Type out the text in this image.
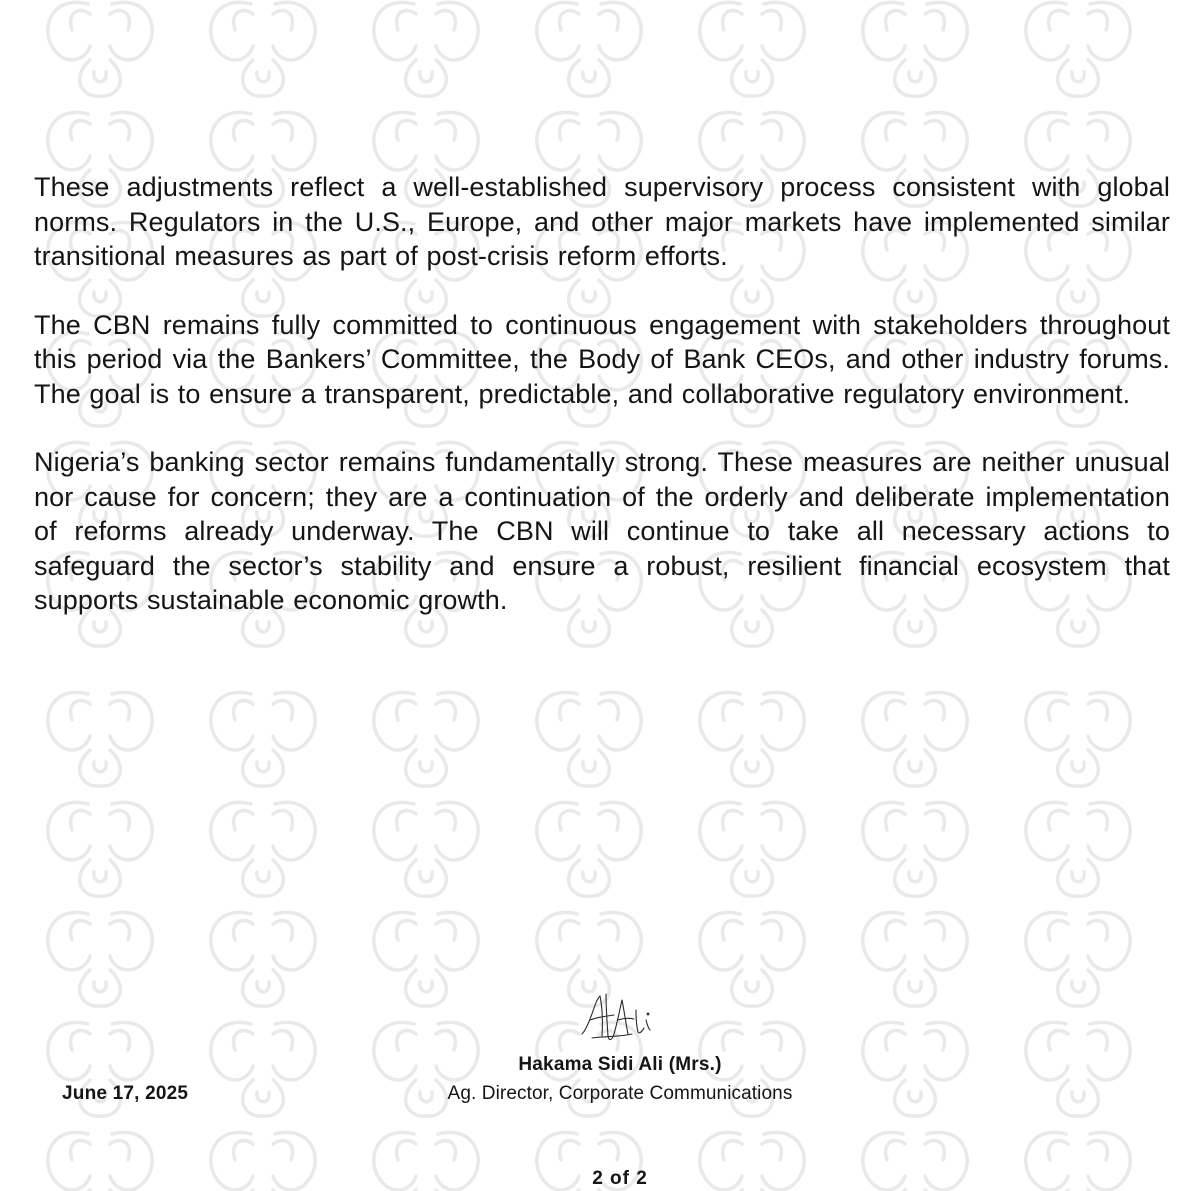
These adjustments reflect a well-established supervisory process consistent with global norms. Regulators in the U.S., Europe, and other major markets have implemented similar transitional measures as part of post-crisis reform efforts.

The CBN remains fully committed to continuous engagement with stakeholders throughout this period via the Bankers’ Committee, the Body of Bank CEOs, and other industry forums. The goal is to ensure a transparent, predictable, and collaborative regulatory environment.

Nigeria’s banking sector remains fundamentally strong. These measures are neither unusual nor cause for concern; they are a continuation of the orderly and deliberate implementation of reforms already underway. The CBN will continue to take all necessary actions to safeguard the sector’s stability and ensure a robust, resilient financial ecosystem that supports sustainable economic growth.

Hakama Sidi Ali (Mrs.)
Ag. Director, Corporate Communications
June 17, 2025
2 of 2
